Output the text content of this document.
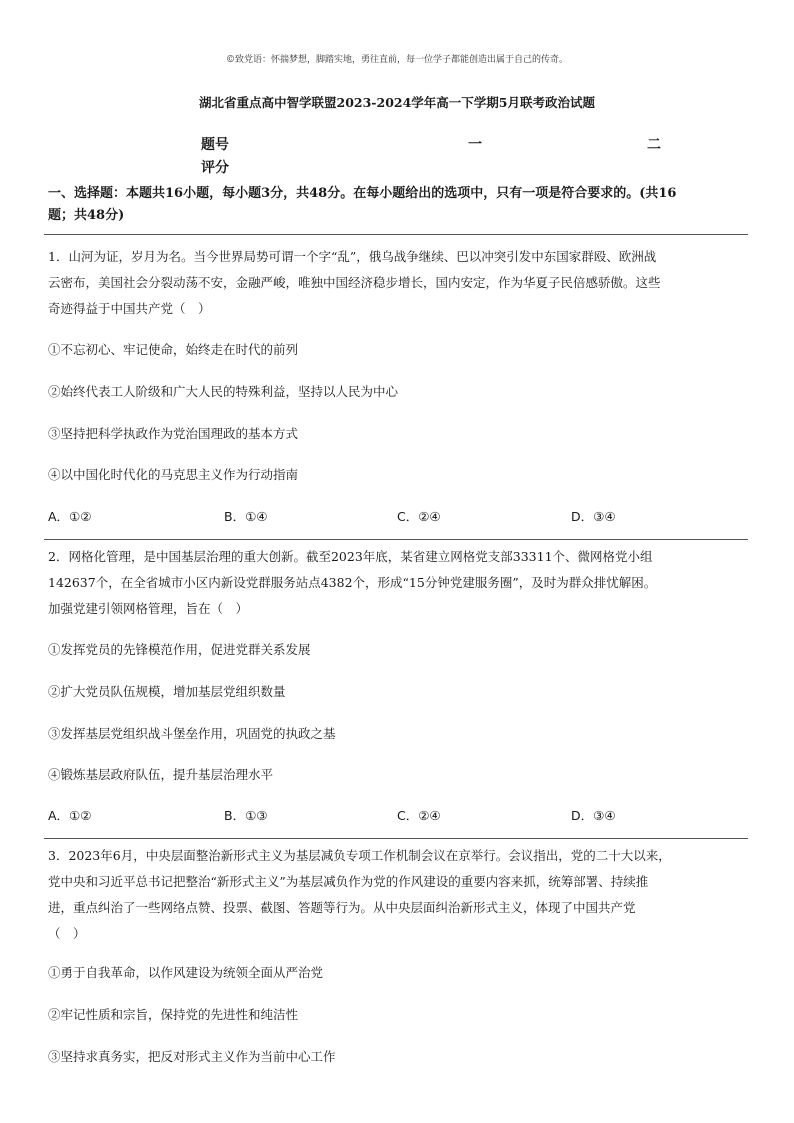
©致党语：怀揣梦想，脚踏实地，勇往直前，每一位学子都能创造出属于自己的传奇。
湖北省重点高中智学联盟2023-2024学年高一下学期5月联考政治试题
题号	一	二
评分
一、选择题：本题共16小题，每小题3分，共48分。在每小题给出的选项中，只有一项是符合要求的。(共16
题；共48分)

1．山河为证，岁月为名。当今世界局势可谓一个字“乱”，俄乌战争继续、巴以冲突引发中东国家群殴、欧洲战

云密布，美国社会分裂动荡不安，金融严峻，唯独中国经济稳步增长，国内安定，作为华夏子民倍感骄傲。这些

奇迹得益于中国共产党（　）

①不忘初心、牢记使命，始终走在时代的前列
②始终代表工人阶级和广大人民的特殊利益，坚持以人民为中心
③坚持把科学执政作为党治国理政的基本方式
④以中国化时代化的马克思主义作为行动指南
A．①②	B．①④	C．②④	D．③④

2．网格化管理，是中国基层治理的重大创新。截至2023年底，某省建立网格党支部33311个、微网格党小组

142637个，在全省城市小区内新设党群服务站点4382个，形成“15分钟党建服务圈”，及时为群众排忧解困。

加强党建引领网格管理，旨在（　）

①发挥党员的先锋模范作用，促进党群关系发展
②扩大党员队伍规模，增加基层党组织数量
③发挥基层党组织战斗堡垒作用，巩固党的执政之基
④锻炼基层政府队伍，提升基层治理水平
A．①②	B．①③	C．②④	D．③④

3．2023年6月，中央层面整治新形式主义为基层减负专项工作机制会议在京举行。会议指出，党的二十大以来，

党中央和习近平总书记把整治“新形式主义”为基层减负作为党的作风建设的重要内容来抓，统筹部署、持续推

进，重点纠治了一些网络点赞、投票、截图、答题等行为。从中央层面纠治新形式主义，体现了中国共产党

（　）

①勇于自我革命，以作风建设为统领全面从严治党
②牢记性质和宗旨，保持党的先进性和纯洁性
③坚持求真务实，把反对形式主义作为当前中心工作
